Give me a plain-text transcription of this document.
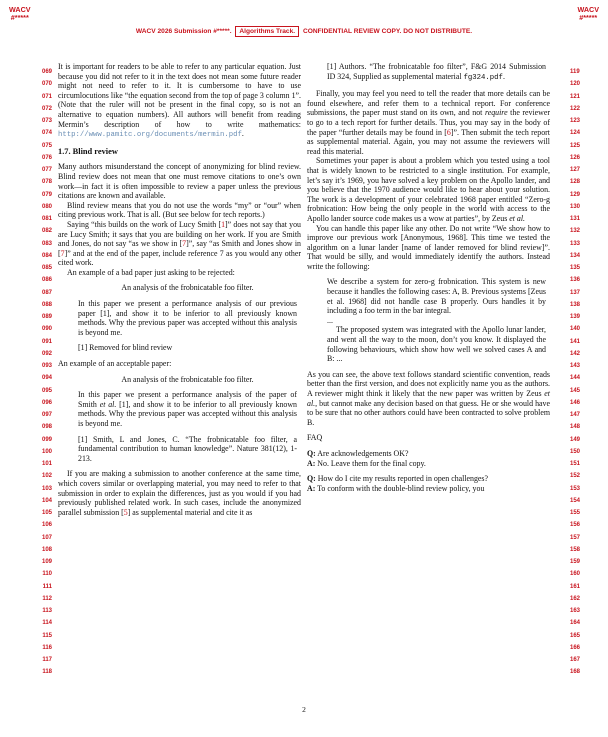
WACV
#*****
WACV
#*****
WACV 2026 Submission #*****. Algorithms Track. CONFIDENTIAL REVIEW COPY. DO NOT DISTRIBUTE.
069
070
071
072
073
074
075
076
077
078
079
080
081
082
083
084
085
086
087
088
089
090
091
092
093
094
095
096
097
098
099
100
101
102
103
104
105
106
107
108
109
110
111
112
113
114
115
116
117
118
119
120
121
122
123
124
125
126
127
128
129
130
131
132
133
134
135
136
137
138
139
140
141
142
143
144
145
146
147
148
149
150
151
152
153
154
155
156
157
158
159
160
161
162
163
164
165
166
167
168

It is important for readers to be able to refer to any particular equation. Just because you did not refer to it in the text does not mean some future reader might not need to refer to it. It is cumbersome to have to use circumlocutions like “the equation second from the top of page 3 column 1”. (Note that the ruler will not be present in the final copy, so is not an alternative to equation numbers). All authors will benefit from reading Mermin’s description of how to write mathematics: http://www.pamitc.org/documents/mermin.pdf.

1.7. Blind review

Many authors misunderstand the concept of anonymizing for blind review. Blind review does not mean that one must remove citations to one’s own work—in fact it is often impossible to review a paper unless the previous citations are known and available.

Blind review means that you do not use the words “my” or “our” when citing previous work. That is all. (But see below for tech reports.)

Saying “this builds on the work of Lucy Smith [1]” does not say that you are Lucy Smith; it says that you are building on her work. If you are Smith and Jones, do not say “as we show in [7]”, say “as Smith and Jones show in [7]” and at the end of the paper, include reference 7 as you would any other cited work.

An example of a bad paper just asking to be rejected:

An analysis of the frobnicatable foo filter.

In this paper we present a performance analysis of our previous paper [1], and show it to be inferior to all previously known methods. Why the previous paper was accepted without this analysis is beyond me.

[1] Removed for blind review

An example of an acceptable paper:

An analysis of the frobnicatable foo filter.

In this paper we present a performance analysis of the paper of Smith et al. [1], and show it to be inferior to all previously known methods. Why the previous paper was accepted without this analysis is beyond me.

[1] Smith, L and Jones, C. “The frobnicatable foo filter, a fundamental contribution to human knowledge”. Nature 381(12), 1-213.

If you are making a submission to another conference at the same time, which covers similar or overlapping material, you may need to refer to that submission in order to explain the differences, just as you would if you had previously published related work. In such cases, include the anonymized parallel submission [5] as supplemental material and cite it as

[1] Authors. “The frobnicatable foo filter”, F&G 2014 Submission ID 324, Supplied as supplemental material fg324.pdf.

Finally, you may feel you need to tell the reader that more details can be found elsewhere, and refer them to a technical report. For conference submissions, the paper must stand on its own, and not require the reviewer to go to a tech report for further details. Thus, you may say in the body of the paper “further details may be found in [6]”. Then submit the tech report as supplemental material. Again, you may not assume the reviewers will read this material.

Sometimes your paper is about a problem which you tested using a tool that is widely known to be restricted to a single institution. For example, let’s say it’s 1969, you have solved a key problem on the Apollo lander, and you believe that the 1970 audience would like to hear about your solution. The work is a development of your celebrated 1968 paper entitled “Zero-g frobnication: How being the only people in the world with access to the Apollo lander source code makes us a wow at parties”, by Zeus et al.

You can handle this paper like any other. Do not write “We show how to improve our previous work [Anonymous, 1968]. This time we tested the algorithm on a lunar lander [name of lander removed for blind review]”. That would be silly, and would immediately identify the authors. Instead write the following:

We describe a system for zero-g frobnication. This system is new because it handles the following cases: A, B. Previous systems [Zeus et al. 1968] did not handle case B properly. Ours handles it by including a foo term in the bar integral.

...

The proposed system was integrated with the Apollo lunar lander, and went all the way to the moon, don’t you know. It displayed the following behaviours, which show how well we solved cases A and B: ...

As you can see, the above text follows standard scientific convention, reads better than the first version, and does not explicitly name you as the authors. A reviewer might think it likely that the new paper was written by Zeus et al., but cannot make any decision based on that guess. He or she would have to be sure that no other authors could have been contracted to solve problem B.

FAQ

Q: Are acknowledgements OK?

A: No. Leave them for the final copy.

Q: How do I cite my results reported in open challenges?

A: To conform with the double-blind review policy, you

2
